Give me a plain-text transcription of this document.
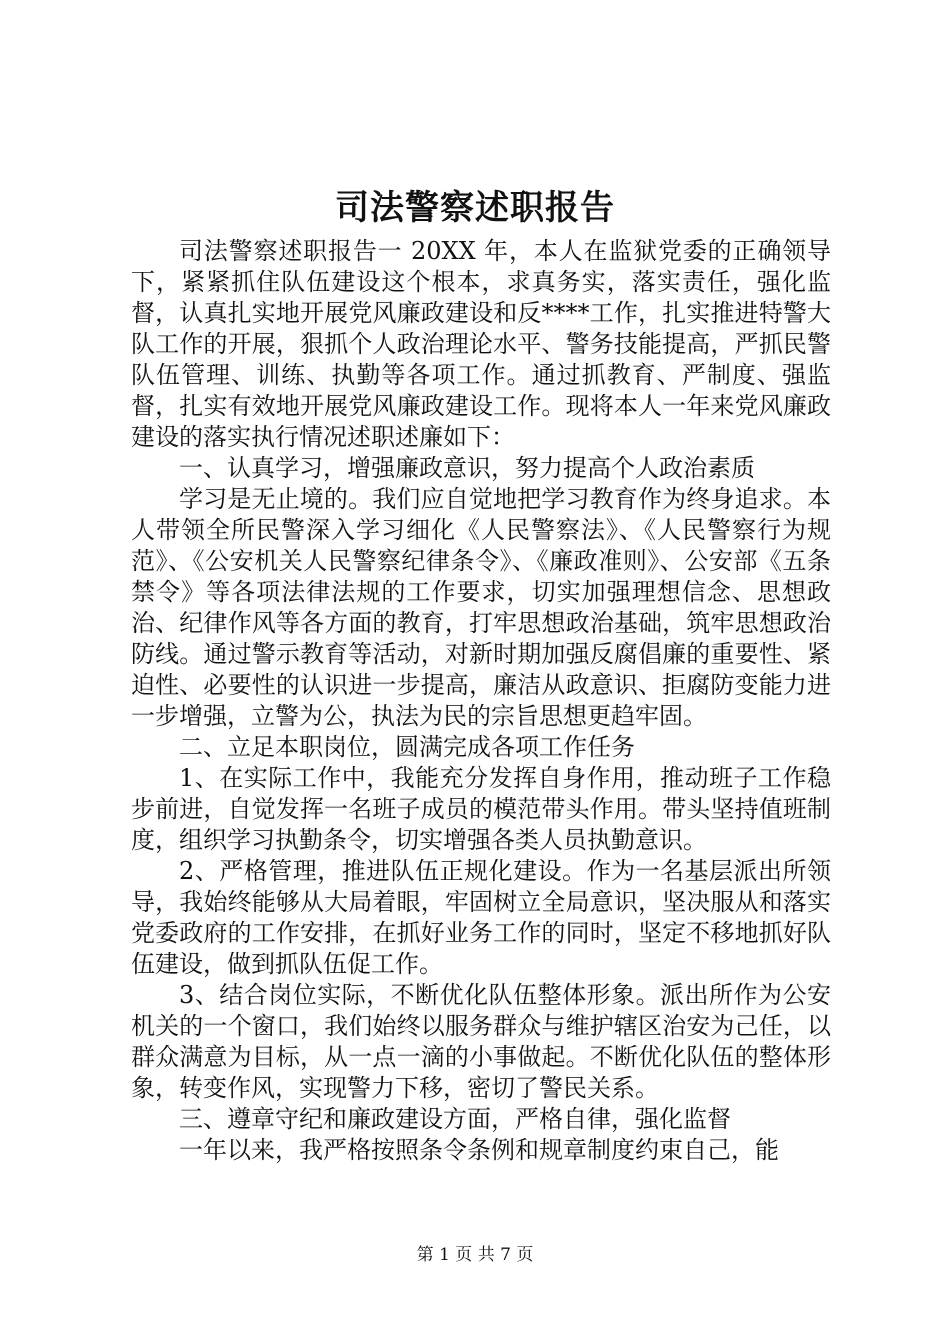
司法警察述职报告

司法警察述职报告一 20XX 年，本人在监狱党委的正确领导下，紧紧抓住队伍建设这个根本，求真务实，落实责任，强化监督，认真扎实地开展党风廉政建设和反****工作，扎实推进特警大队工作的开展，狠抓个人政治理论水平、警务技能提高，严抓民警队伍管理、训练、执勤等各项工作。通过抓教育、严制度、强监督，扎实有效地开展党风廉政建设工作。现将本人一年来党风廉政建设的落实执行情况述职述廉如下：

一、认真学习，增强廉政意识，努力提高个人政治素质

学习是无止境的。我们应自觉地把学习教育作为终身追求。本人带领全所民警深入学习细化《人民警察法》、《人民警察行为规范》、《公安机关人民警察纪律条令》、《廉政准则》、公安部《五条禁令》等各项法律法规的工作要求，切实加强理想信念、思想政治、纪律作风等各方面的教育，打牢思想政治基础，筑牢思想政治防线。通过警示教育等活动，对新时期加强反腐倡廉的重要性、紧迫性、必要性的认识进一步提高，廉洁从政意识、拒腐防变能力进一步增强，立警为公，执法为民的宗旨思想更趋牢固。

二、立足本职岗位，圆满完成各项工作任务

1、在实际工作中，我能充分发挥自身作用，推动班子工作稳步前进，自觉发挥一名班子成员的模范带头作用。带头坚持值班制度，组织学习执勤条令，切实增强各类人员执勤意识。

2、严格管理，推进队伍正规化建设。作为一名基层派出所领导，我始终能够从大局着眼，牢固树立全局意识，坚决服从和落实党委政府的工作安排，在抓好业务工作的同时，坚定不移地抓好队伍建设，做到抓队伍促工作。

3、结合岗位实际，不断优化队伍整体形象。派出所作为公安机关的一个窗口，我们始终以服务群众与维护辖区治安为己任，以群众满意为目标，从一点一滴的小事做起。不断优化队伍的整体形象，转变作风，实现警力下移，密切了警民关系。

三、遵章守纪和廉政建设方面，严格自律，强化监督

一年以来，我严格按照条令条例和规章制度约束自己，能

第 1 页 共 7 页
